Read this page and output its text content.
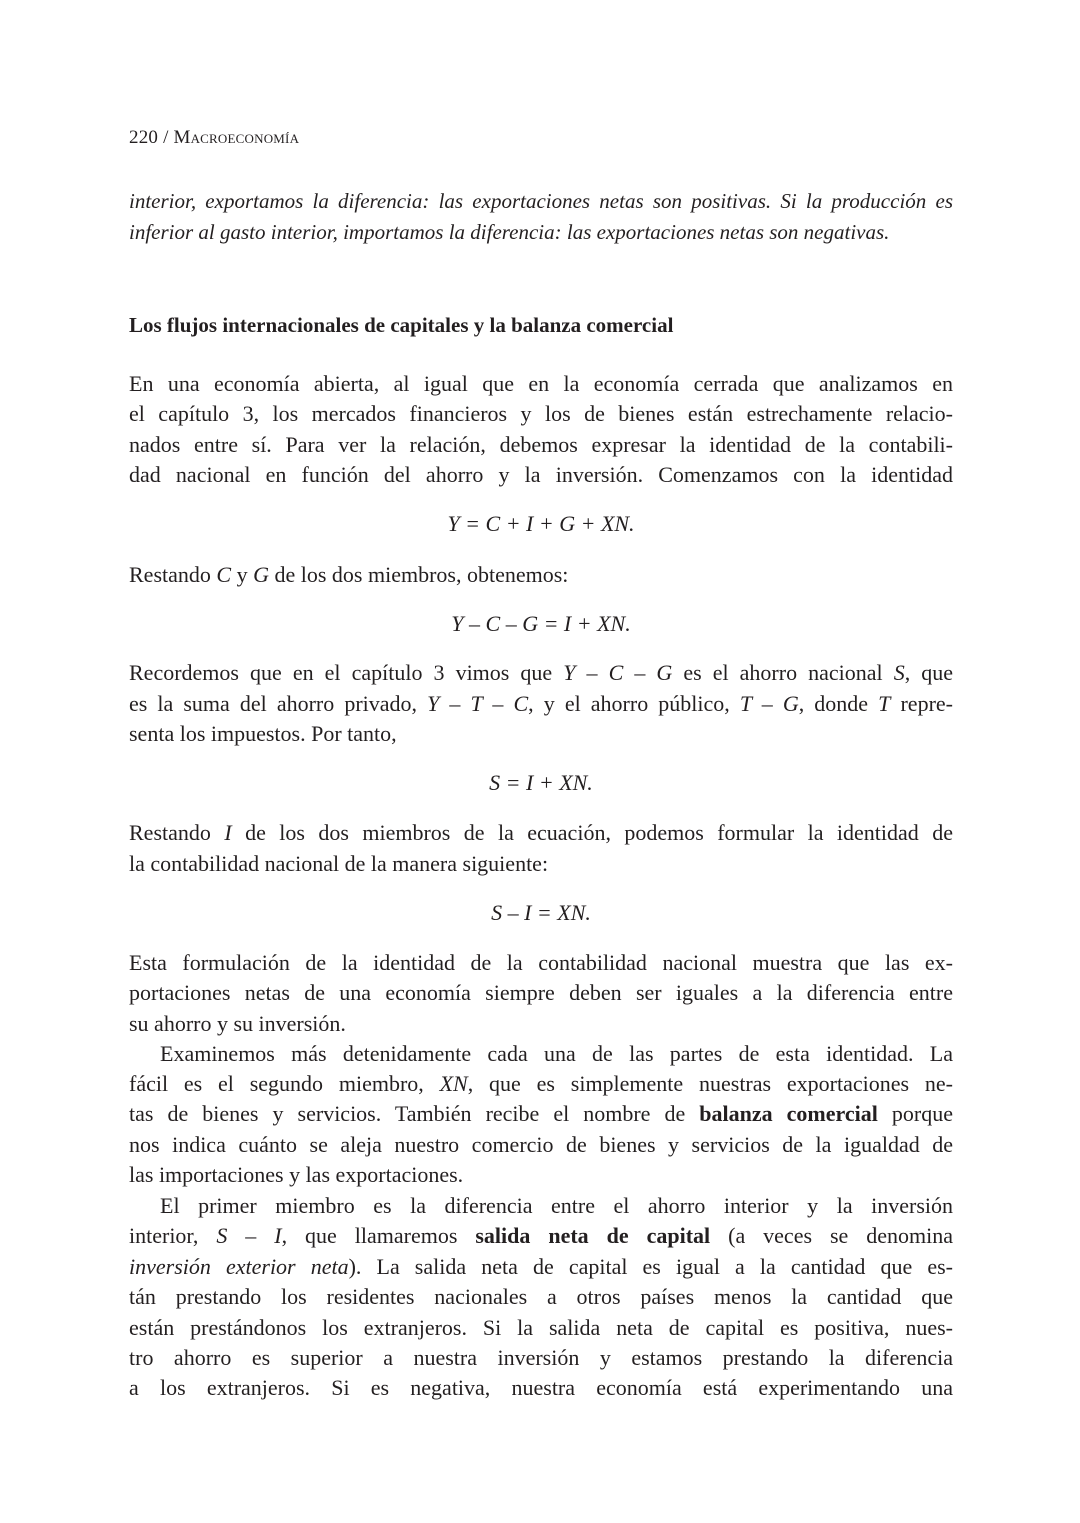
220 / Macroeconomía
interior, exportamos la diferencia: las exportaciones netas son positivas. Si la producción es
inferior al gasto interior, importamos la diferencia: las exportaciones netas son negativas.
Los flujos internacionales de capitales y la balanza comercial
En una economía abierta, al igual que en la economía cerrada que analizamos en
el capítulo 3, los mercados financieros y los de bienes están estrechamente relacio-
nados entre sí. Para ver la relación, debemos expresar la identidad de la contabili-
dad nacional en función del ahorro y la inversión. Comenzamos con la identidad
Y = C + I + G + XN.
Restando C y G de los dos miembros, obtenemos:
Y – C – G = I + XN.
Recordemos que en el capítulo 3 vimos que Y – C – G es el ahorro nacional S, que
es la suma del ahorro privado, Y – T – C, y el ahorro público, T – G, donde T repre-
senta los impuestos. Por tanto,
S = I + XN.
Restando I de los dos miembros de la ecuación, podemos formular la identidad de
la contabilidad nacional de la manera siguiente:
S – I = XN.
Esta formulación de la identidad de la contabilidad nacional muestra que las ex-
portaciones netas de una economía siempre deben ser iguales a la diferencia entre
su ahorro y su inversión.
Examinemos más detenidamente cada una de las partes de esta identidad. La
fácil es el segundo miembro, XN, que es simplemente nuestras exportaciones ne-
tas de bienes y servicios. También recibe el nombre de balanza comercial porque
nos indica cuánto se aleja nuestro comercio de bienes y servicios de la igualdad de
las importaciones y las exportaciones.
El primer miembro es la diferencia entre el ahorro interior y la inversión
interior, S – I, que llamaremos salida neta de capital (a veces se denomina
inversión exterior neta). La salida neta de capital es igual a la cantidad que es-
tán prestando los residentes nacionales a otros países menos la cantidad que
están prestándonos los extranjeros. Si la salida neta de capital es positiva, nues-
tro ahorro es superior a nuestra inversión y estamos prestando la diferencia
a los extranjeros. Si es negativa, nuestra economía está experimentando una
